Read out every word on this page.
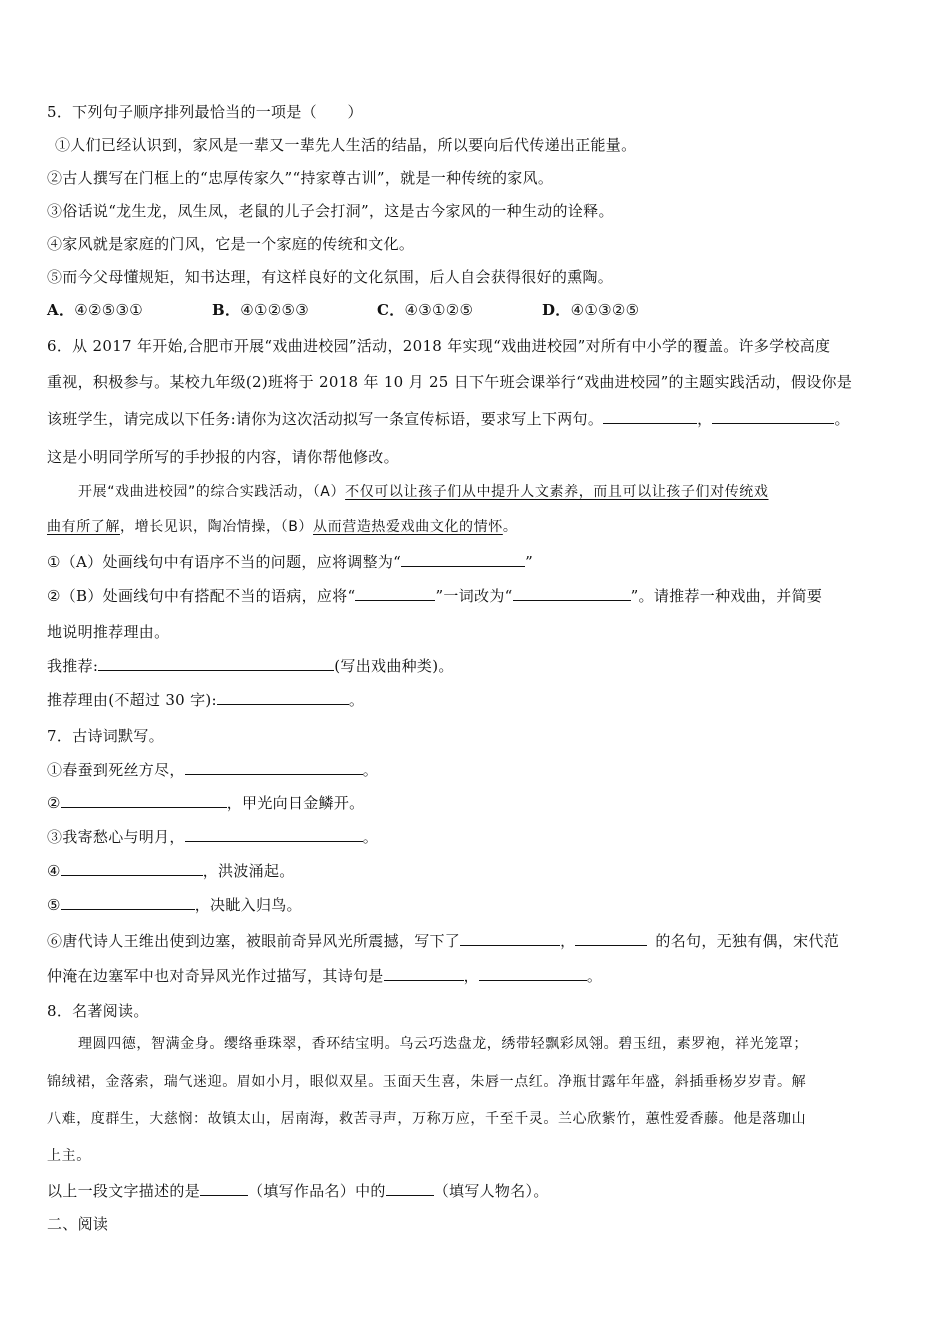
5．下列句子顺序排列最恰当的一项是（　　）
①人们已经认识到，家风是一辈又一辈先人生活的结晶，所以要向后代传递出正能量。
②古人撰写在门框上的“忠厚传家久”“持家尊古训”，就是一种传统的家风。
③俗话说“龙生龙，凤生凤，老鼠的儿子会打洞”，这是古今家风的一种生动的诠释。
④家风就是家庭的门风，它是一个家庭的传统和文化。
⑤而今父母懂规矩，知书达理，有这样良好的文化氛围，后人自会获得很好的熏陶。
A．④②⑤③①	B．④①②⑤③	C．④③①②⑤	D．④①③②⑤
6．从 2017 年开始,合肥市开展“戏曲进校园”活动，2018 年实现“戏曲进校园”对所有中小学的覆盖。许多学校高度
重视，积极参与。某校九年级(2)班将于 2018 年 10 月 25 日下午班会课举行“戏曲进校园”的主题实践活动，假设你是
该班学生，请完成以下任务:请你为这次活动拟写一条宣传标语，要求写上下两句。	，	。
这是小明同学所写的手抄报的内容，请你帮他修改。
开展“戏曲进校园”的综合实践活动，（A）不仅可以让孩子们从中提升人文素养，而且可以让孩子们对传统戏
曲有所了解，增长见识，陶冶情操，（B）从而营造热爱戏曲文化的情怀。
①（A）处画线句中有语序不当的问题，应将调整为“	”
②（B）处画线句中有搭配不当的语病，应将“	”一词改为“	”。请推荐一种戏曲，并简要
地说明推荐理由。
我推荐:	(写出戏曲种类)。
推荐理由(不超过 30 字):	。
7．古诗词默写。
①春蚕到死丝方尽，	。
②	，甲光向日金鳞开。
③我寄愁心与明月，	。
④	，洪波涌起。
⑤	，决眦入归鸟。
⑥唐代诗人王维出使到边塞，被眼前奇异风光所震撼，写下了	，	的名句，无独有偶，宋代范
仲淹在边塞军中也对奇异风光作过描写，其诗句是	，	。
8．名著阅读。
理圆四德，智满金身。缨络垂珠翠，香环结宝明。乌云巧迭盘龙，绣带轻飘彩凤翎。碧玉纽，素罗袍，祥光笼罩；
锦绒裙，金落索，瑞气迷迎。眉如小月，眼似双星。玉面天生喜，朱唇一点红。净瓶甘露年年盛，斜插垂杨岁岁青。解
八难，度群生，大慈悯：故镇太山，居南海，救苦寻声，万称万应，千至千灵。兰心欣紫竹，蕙性爱香藤。他是落珈山
上主。
以上一段文字描述的是	（填写作品名）中的	（填写人物名）。
二、阅读
